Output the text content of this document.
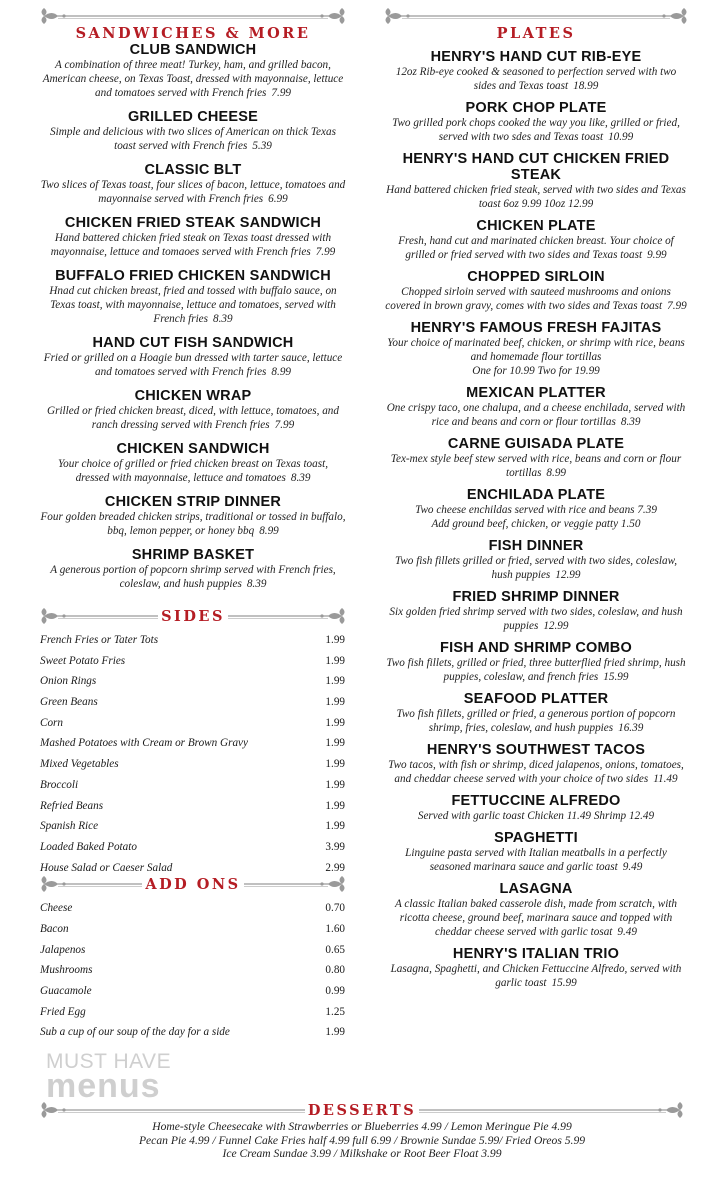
SANDWICHES & MORE
CLUB SANDWICH
A combination of three meat! Turkey, ham, and grilled bacon, American cheese, on Texas Toast, dressed with mayonnaise, lettuce and tomatoes served with French fries 7.99
GRILLED CHEESE
Simple and delicious with two slices of American on thick Texas toast served with French fries 5.39
CLASSIC BLT
Two slices of Texas toast, four slices of bacon, lettuce, tomatoes and mayonnaise served with French fries 6.99
CHICKEN FRIED STEAK SANDWICH
Hand battered chicken fried steak on Texas toast dressed with mayonnaise, lettuce and tomaoes served with French fries 7.99
BUFFALO FRIED CHICKEN SANDWICH
Hnad cut chicken breast, fried and tossed with buffalo sauce, on Texas toast, with mayonnaise, lettuce and tomatoes, served with French fries 8.39
HAND CUT FISH SANDWICH
Fried or grilled on a Hoagie bun dressed with tarter sauce, lettuce and tomatoes served with French fries 8.99
CHICKEN WRAP
Grilled or fried chicken breast, diced, with lettuce, tomatoes, and ranch dressing served with French fries 7.99
CHICKEN SANDWICH
Your choice of grilled or fried chicken breast on Texas toast, dressed with mayonnaise, lettuce and tomatoes 8.39
CHICKEN STRIP DINNER
Four golden breaded chicken strips, traditional or tossed in buffalo, bbq, lemon pepper, or honey bbq 8.99
SHRIMP BASKET
A generous portion of popcorn shrimp served with French fries, coleslaw, and hush puppies 8.39
SIDES
French Fries or Tater Tots	1.99
Sweet Potato Fries	1.99
Onion Rings	1.99
Green Beans	1.99
Corn	1.99
Mashed Potatoes with Cream or Brown Gravy	1.99
Mixed Vegetables	1.99
Broccoli	1.99
Refried Beans	1.99
Spanish Rice	1.99
Loaded Baked Potato	3.99
House Salad or Caeser Salad	2.99
ADD ONS
Cheese	0.70
Bacon	1.60
Jalapenos	0.65
Mushrooms	0.80
Guacamole	0.99
Fried Egg	1.25
Sub a cup of our soup of the day for a side	1.99
PLATES
HENRY'S HAND CUT RIB-EYE
12oz Rib-eye cooked & seasoned to perfection served with two sides and Texas toast 18.99
PORK CHOP PLATE
Two grilled pork chops cooked the way you like, grilled or fried, served with two sdes and Texas toast 10.99
HENRY'S HAND CUT CHICKEN FRIED STEAK
Hand battered chicken fried steak, served with two sides and Texas toast 6oz 9.99 10oz 12.99
CHICKEN PLATE
Fresh, hand cut and marinated chicken breast. Your choice of grilled or fried served with two sides and Texas toast 9.99
CHOPPED SIRLOIN
Chopped sirloin served with sauteed mushrooms and onions covered in brown gravy, comes with two sides and Texas toast 7.99
HENRY'S FAMOUS FRESH FAJITAS
Your choice of marinated beef, chicken, or shrimp with rice, beans and homemade flour tortillas
One for 10.99 Two for 19.99
MEXICAN PLATTER
One crispy taco, one chalupa, and a cheese enchilada, served with rice and beans and corn or flour tortillas 8.39
CARNE GUISADA PLATE
Tex-mex style beef stew served with rice, beans and corn or flour tortillas 8.99
ENCHILADA PLATE
Two cheese enchildas served with rice and beans 7.39
Add ground beef, chicken, or veggie patty 1.50
FISH DINNER
Two fish fillets grilled or fried, served with two sides, coleslaw, hush puppies 12.99
FRIED SHRIMP DINNER
Six golden fried shrimp served with two sides, coleslaw, and hush puppies 12.99
FISH AND SHRIMP COMBO
Two fish fillets, grilled or fried, three butterflied fried shrimp, hush puppies, coleslaw, and french fries 15.99
SEAFOOD PLATTER
Two fish fillets, grilled or fried, a generous portion of popcorn shrimp, fries, coleslaw, and hush puppies 16.39
HENRY'S SOUTHWEST TACOS
Two tacos, with fish or shrimp, diced jalapenos, onions, tomatoes, and cheddar cheese served with your choice of two sides 11.49
FETTUCCINE ALFREDO
Served with garlic toast Chicken 11.49 Shrimp 12.49
SPAGHETTI
Linguine pasta served with Italian meatballs in a perfectly seasoned marinara sauce and garlic toast 9.49
LASAGNA
A classic Italian baked casserole dish, made from scratch, with ricotta cheese, ground beef, marinara sauce and topped with cheddar cheese served with garlic tosat 9.49
HENRY'S ITALIAN TRIO
Lasagna, Spaghetti, and Chicken Fettuccine Alfredo, served with garlic toast 15.99
DESSERTS
Home-style Cheesecake with Strawberries or Blueberries 4.99 / Lemon Meringue Pie 4.99
Pecan Pie 4.99 / Funnel Cake Fries half 4.99 full 6.99 / Brownie Sundae 5.99/ Fried Oreos 5.99
Ice Cream Sundae 3.99 / Milkshake or Root Beer Float 3.99
MUST HAVE
menus
